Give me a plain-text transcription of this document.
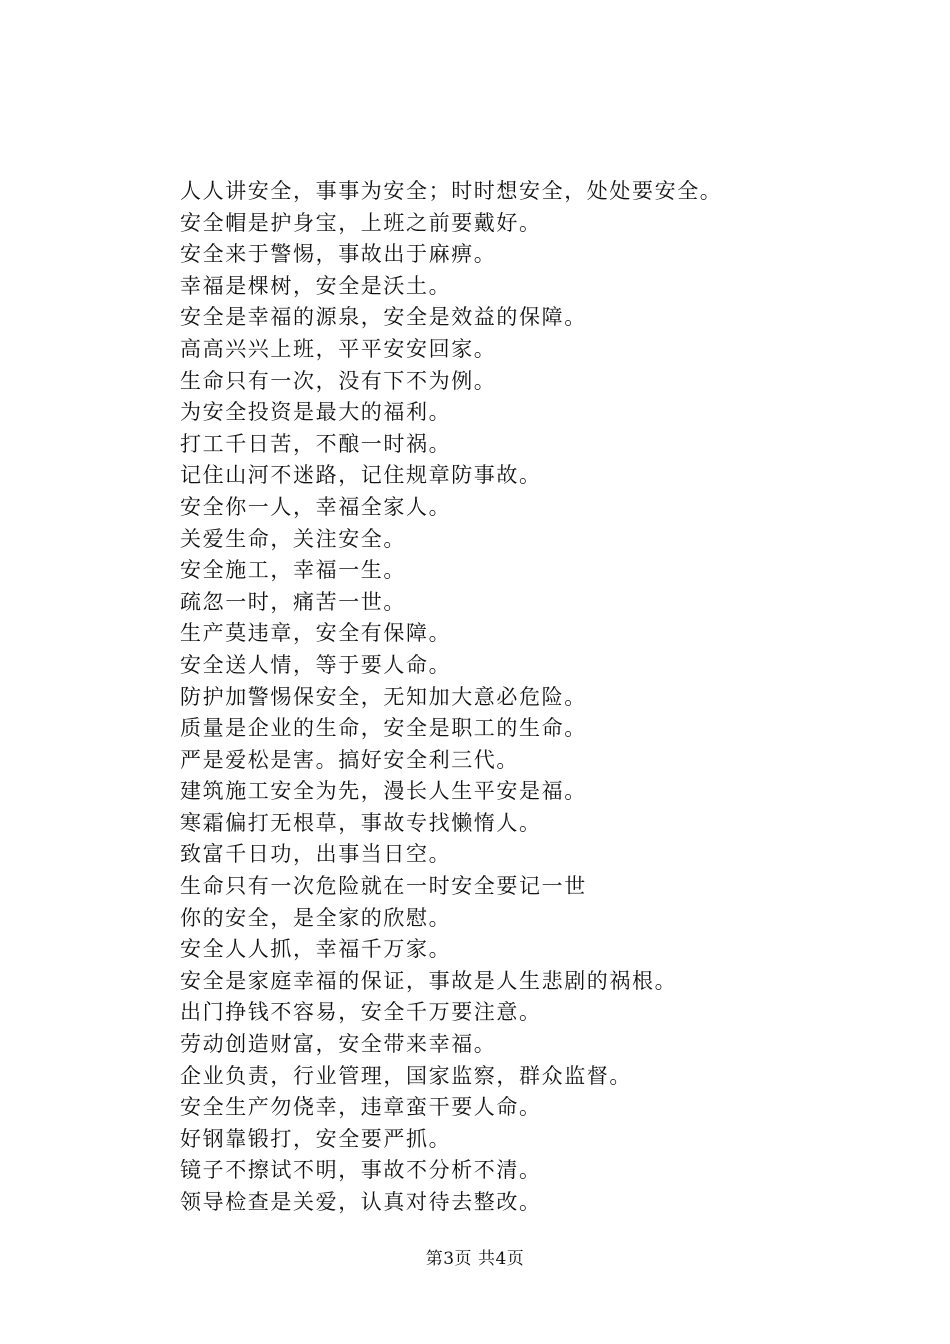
人人讲安全，事事为安全；时时想安全，处处要安全。
安全帽是护身宝，上班之前要戴好。
安全来于警惕，事故出于麻痹。
幸福是棵树，安全是沃土。
安全是幸福的源泉，安全是效益的保障。
高高兴兴上班，平平安安回家。
生命只有一次，没有下不为例。
为安全投资是最大的福利。
打工千日苦，不酿一时祸。
记住山河不迷路，记住规章防事故。
安全你一人，幸福全家人。
关爱生命，关注安全。
安全施工，幸福一生。
疏忽一时，痛苦一世。
生产莫违章，安全有保障。
安全送人情，等于要人命。
防护加警惕保安全，无知加大意必危险。
质量是企业的生命，安全是职工的生命。
严是爱松是害。搞好安全利三代。
建筑施工安全为先，漫长人生平安是福。
寒霜偏打无根草，事故专找懒惰人。
致富千日功，出事当日空。
生命只有一次危险就在一时安全要记一世
你的安全，是全家的欣慰。
安全人人抓，幸福千万家。
安全是家庭幸福的保证，事故是人生悲剧的祸根。
出门挣钱不容易，安全千万要注意。
劳动创造财富，安全带来幸福。
企业负责，行业管理，国家监察，群众监督。
安全生产勿侥幸，违章蛮干要人命。
好钢靠锻打，安全要严抓。
镜子不擦试不明，事故不分析不清。
领导检查是关爱，认真对待去整改。
第3页 共4页
